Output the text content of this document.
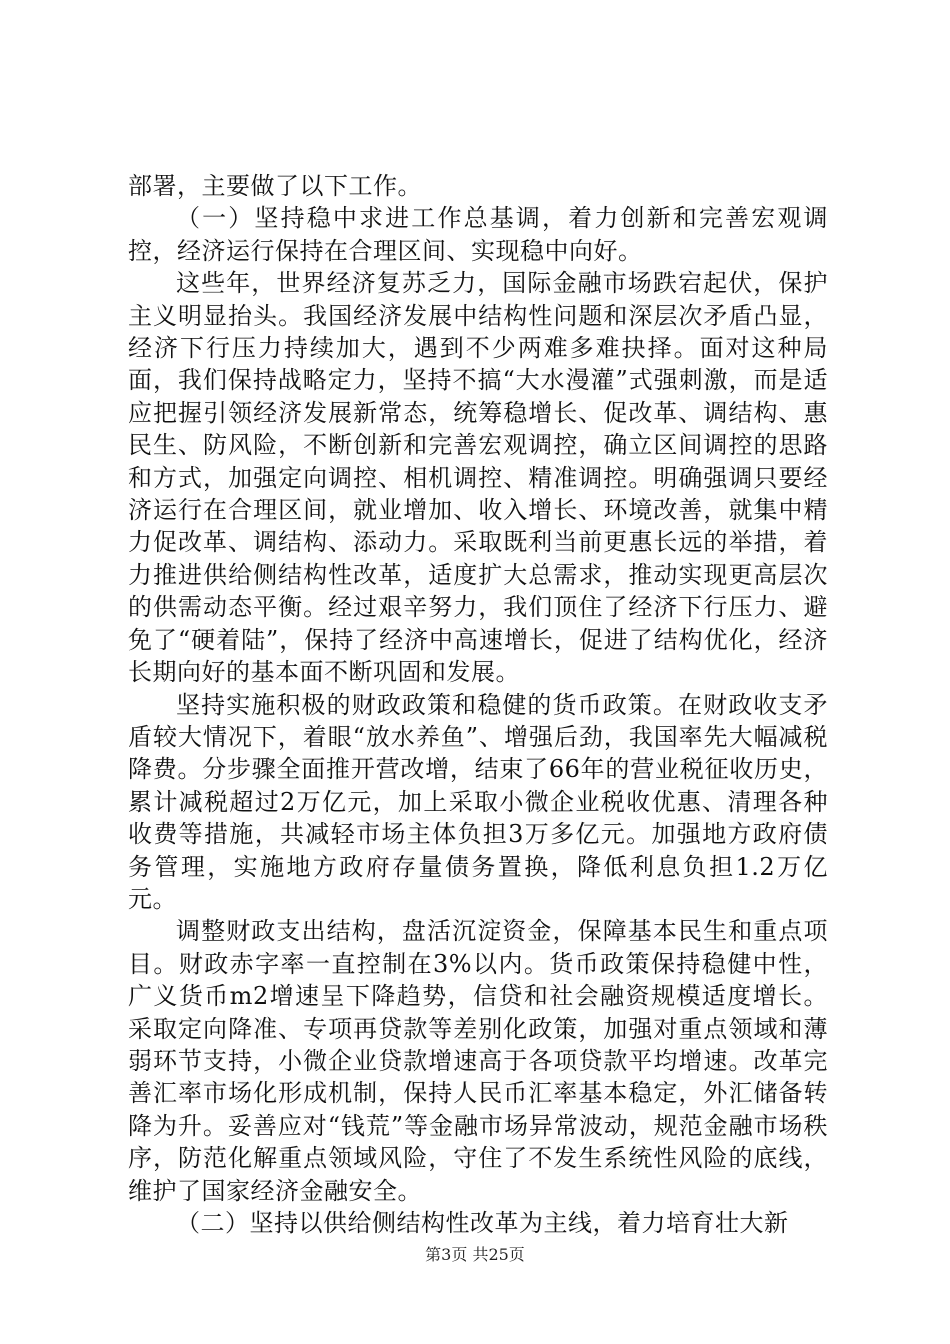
部署，主要做了以下工作。

（一）坚持稳中求进工作总基调，着力创新和完善宏观调控，经济运行保持在合理区间、实现稳中向好。

这些年，世界经济复苏乏力，国际金融市场跌宕起伏，保护主义明显抬头。我国经济发展中结构性问题和深层次矛盾凸显，经济下行压力持续加大，遇到不少两难多难抉择。面对这种局面，我们保持战略定力，坚持不搞“大水漫灌”式强刺激，而是适应把握引领经济发展新常态，统筹稳增长、促改革、调结构、惠民生、防风险，不断创新和完善宏观调控，确立区间调控的思路和方式，加强定向调控、相机调控、精准调控。明确强调只要经济运行在合理区间，就业增加、收入增长、环境改善，就集中精力促改革、调结构、添动力。采取既利当前更惠长远的举措，着力推进供给侧结构性改革，适度扩大总需求，推动实现更高层次的供需动态平衡。经过艰辛努力，我们顶住了经济下行压力、避免了“硬着陆”，保持了经济中高速增长，促进了结构优化，经济长期向好的基本面不断巩固和发展。

坚持实施积极的财政政策和稳健的货币政策。在财政收支矛盾较大情况下，着眼“放水养鱼”、增强后劲，我国率先大幅减税降费。分步骤全面推开营改增，结束了66年的营业税征收历史，累计减税超过2万亿元，加上采取小微企业税收优惠、清理各种收费等措施，共减轻市场主体负担3万多亿元。加强地方政府债务管理，实施地方政府存量债务置换，降低利息负担1.2万亿元。

调整财政支出结构，盘活沉淀资金，保障基本民生和重点项目。财政赤字率一直控制在3%以内。货币政策保持稳健中性，广义货币m2增速呈下降趋势，信贷和社会融资规模适度增长。采取定向降准、专项再贷款等差别化政策，加强对重点领域和薄弱环节支持，小微企业贷款增速高于各项贷款平均增速。改革完善汇率市场化形成机制，保持人民币汇率基本稳定，外汇储备转降为升。妥善应对“钱荒”等金融市场异常波动，规范金融市场秩序，防范化解重点领域风险，守住了不发生系统性风险的底线，维护了国家经济金融安全。

（二）坚持以供给侧结构性改革为主线，着力培育壮大新

第3页 共25页
